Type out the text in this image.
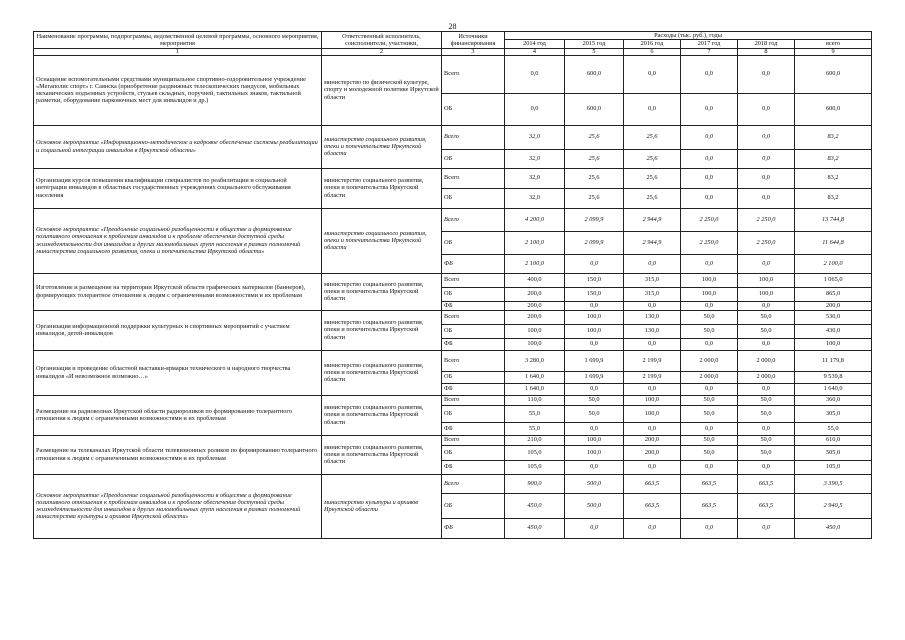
28
Наименование программы, подпрограммы, ведомственной целевой программы, основного мероприятия, мероприятия	Ответственный исполнитель, соисполнители, участники,	Источники финансирования	Расходы (тыс. руб.), годы					
			2014 год	2015 год	2016 год	2017 год	2018 год	всего
1	2	3	4	5	6	7	8	9
Оснащение вспомогательными средствами муниципальное спортивно-оздоровительное учреждение «Мегаполис спорт» г. Саянска (приобретение раздвижных телескопических пандусов, мобильных механических подъемных устройств, стульев складных, поручней, тактильных знаков, тактильной разметки, оборудование парковочных мест для инвалидов и др.)	министерство по физической культуре, спорту и молодежной политике Иркутской области	Всего	0,0	600,0	0,0	0,0	0,0	600,0
		ОБ	0,0	600,0	0,0	0,0	0,0	600,0
Основное мероприятие «Информационно-методическое и кадровое обеспечение системы реабилитации и социальной интеграции инвалидов в Иркутской области»	министерство социального развития, опеки и попечительства Иркутской области	Всего	32,0	25,6	25,6	0,0	0,0	83,2
		ОБ	32,0	25,6	25,6	0,0	0,0	83,2
Организация курсов повышения квалификации специалистов по реабилитации и социальной интеграции инвалидов в областных государственных учреждениях социального обслуживания населения	министерство социального развития, опеки и попечительства Иркутской области	Всего	32,0	25,6	25,6	0,0	0,0	83,2
		ОБ	32,0	25,6	25,6	0,0	0,0	83,2
Основное мероприятие «Преодоление социальной разобщенности в обществе и формирование позитивного отношения к проблемам инвалидов и к проблеме обеспечения доступной среды жизнедеятельности для инвалидов и других маломобильных групп населения в рамках полномочий министерства социального развития, опеки и попечительства Иркутской области»	министерство социального развития, опеки и попечительства Иркутской области	Всего	4 200,0	2 099,9	2 944,9	2 250,0	2 250,0	13 744,8
		ОБ	2 100,0	2 099,9	2 944,9	2 250,0	2 250,0	11 644,8
		ФБ	2 100,0	0,0	0,0	0,0	0,0	2 100,0
Изготовление и размещение на территории Иркутской области графических материалов (баннеров), формирующих толерантное отношение к людям с ограниченными возможностями и их проблемам	министерство социального развития, опеки и попечительства Иркутской области	Всего	400,0	150,0	315,0	100,0	100,0	1 065,0
		ОБ	200,0	150,0	315,0	100,0	100,0	865,0
		ФБ	200,0	0,0	0,0	0,0	0,0	200,0
Организация информационной поддержки культурных и спортивных мероприятий с участием инвалидов, детей-инвалидов	министерство социального развития, опеки и попечительства Иркутской области	Всего	200,0	100,0	130,0	50,0	50,0	530,0
		ОБ	100,0	100,0	130,0	50,0	50,0	430,0
		ФБ	100,0	0,0	0,0	0,0	0,0	100,0
Организация и проведение областной выставки-ярмарки технического и народного творчества инвалидов «И невозможное возможно…»	министерство социального развития, опеки и попечительства Иркутской области	Всего	3 280,0	1 699,9	2 199,9	2 000,0	2 000,0	11 179,8
		ОБ	1 640,0	1 699,9	2 199,9	2 000,0	2 000,0	9 539,8
		ФБ	1 640,0	0,0	0,0	0,0	0,0	1 640,0
Размещение на радиоволнах Иркутской области радиороликов по формированию толерантного отношения к людям с ограниченными возможностями и их проблемам	министерство социального развития, опеки и попечительства Иркутской области	Всего	110,0	50,0	100,0	50,0	50,0	360,0
		ОБ	55,0	50,0	100,0	50,0	50,0	305,0
		ФБ	55,0	0,0	0,0	0,0	0,0	55,0
Размещение на телеканалах Иркутской области телевизионных роликов по формированию толерантного отношения к людям с ограниченными возможностями и их проблемам	министерство социального развития, опеки и попечительства Иркутской области	Всего	210,0	100,0	200,0	50,0	50,0	610,0
		ОБ	105,0	100,0	200,0	50,0	50,0	505,0
		ФБ	105,0	0,0	0,0	0,0	0,0	105,0
Основное мероприятие «Преодоление социальной разобщенности в обществе и формирование позитивного отношения к проблемам инвалидов и к проблеме обеспечения доступной среды жизнедеятельности для инвалидов и других маломобильных групп населения в рамках полномочий министерства культуры и архивов Иркутской области»	министерство культуры и архивов Иркутской области	Всего	900,0	500,0	663,5	663,5	663,5	3 390,5
		ОБ	450,0	500,0	663,5	663,5	663,5	2 940,5
		ФБ	450,0	0,0	0,0	0,0	0,0	450,0
